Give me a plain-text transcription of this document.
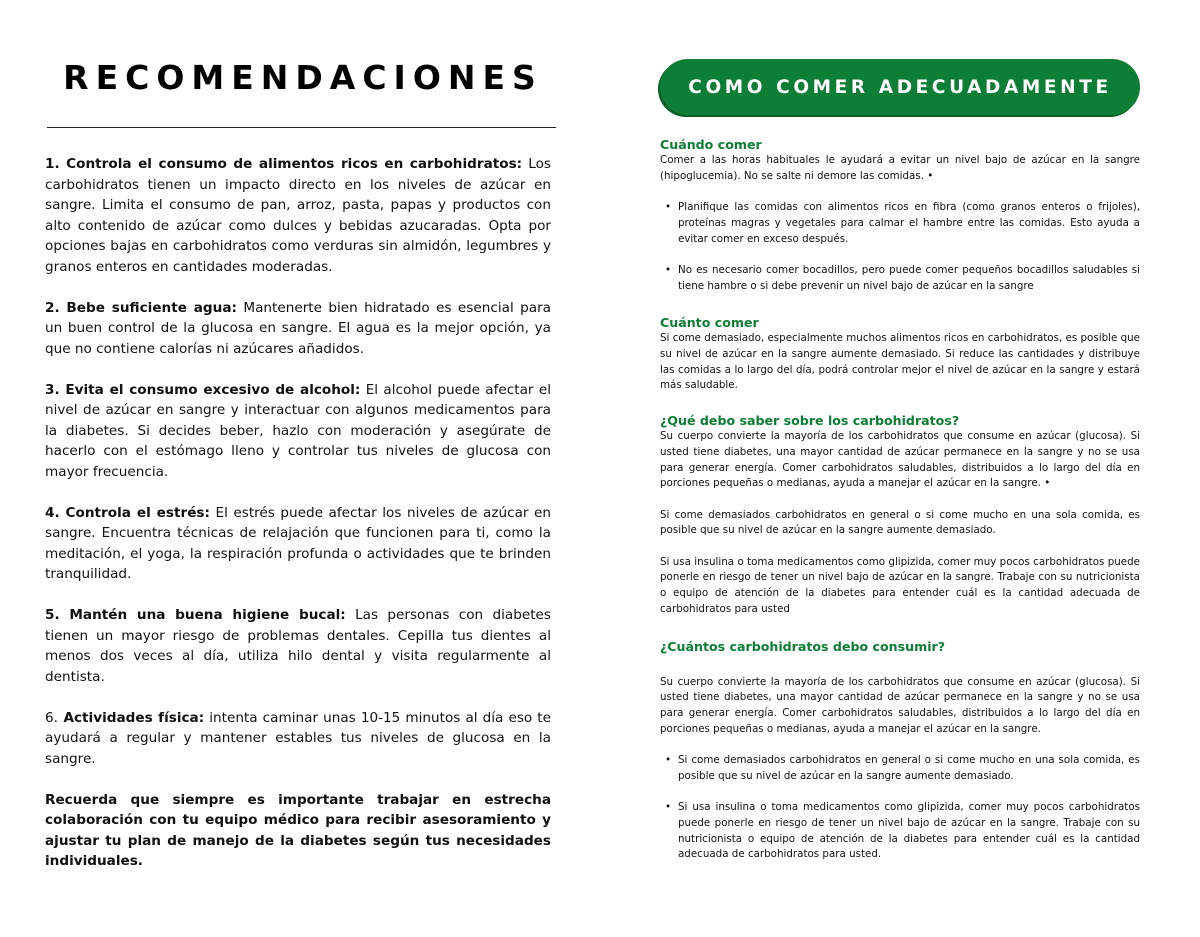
RECOMENDACIONES

1. Controla el consumo de alimentos ricos en carbohidratos: Los carbohidratos tienen un impacto directo en los niveles de azúcar en sangre. Limita el consumo de pan, arroz, pasta, papas y productos con alto contenido de azúcar como dulces y bebidas azucaradas. Opta por opciones bajas en carbohidratos como verduras sin almidón, legumbres y granos enteros en cantidades moderadas.

2. Bebe suficiente agua: Mantenerte bien hidratado es esencial para un buen control de la glucosa en sangre. El agua es la mejor opción, ya que no contiene calorías ni azúcares añadidos.

3. Evita el consumo excesivo de alcohol: El alcohol puede afectar el nivel de azúcar en sangre y interactuar con algunos medicamentos para la diabetes. Si decides beber, hazlo con moderación y asegúrate de hacerlo con el estómago lleno y controlar tus niveles de glucosa con mayor frecuencia.

4. Controla el estrés: El estrés puede afectar los niveles de azúcar en sangre. Encuentra técnicas de relajación que funcionen para ti, como la meditación, el yoga, la respiración profunda o actividades que te brinden tranquilidad.

5. Mantén una buena higiene bucal: Las personas con diabetes tienen un mayor riesgo de problemas dentales. Cepilla tus dientes al menos dos veces al día, utiliza hilo dental y visita regularmente al dentista.

6. Actividades física: intenta caminar unas 10-15 minutos al día eso te ayudará a regular y mantener estables tus niveles de glucosa en la sangre.

Recuerda que siempre es importante trabajar en estrecha colaboración con tu equipo médico para recibir asesoramiento y ajustar tu plan de manejo de la diabetes según tus necesidades individuales.

COMO COMER ADECUADAMENTE
Cuándo comer

Comer a las horas habituales le ayudará a evitar un nivel bajo de azúcar en la sangre (hipoglucemia). No se salte ni demore las comidas. •

• Planifique las comidas con alimentos ricos en fibra (como granos enteros o frijoles), proteínas magras y vegetales para calmar el hambre entre las comidas. Esto ayuda a evitar comer en exceso después.
• No es necesario comer bocadillos, pero puede comer pequeños bocadillos saludables si tiene hambre o si debe prevenir un nivel bajo de azúcar en la sangre
Cuánto comer

Si come demasiado, especialmente muchos alimentos ricos en carbohidratos, es posible que su nivel de azúcar en la sangre aumente demasiado. Si reduce las cantidades y distribuye las comidas a lo largo del día, podrá controlar mejor el nivel de azúcar en la sangre y estará más saludable.

¿Qué debo saber sobre los carbohidratos?

Su cuerpo convierte la mayoría de los carbohidratos que consume en azúcar (glucosa). Si usted tiene diabetes, una mayor cantidad de azúcar permanece en la sangre y no se usa para generar energía. Comer carbohidratos saludables, distribuidos a lo largo del día en porciones pequeñas o medianas, ayuda a manejar el azúcar en la sangre. •

Si come demasiados carbohidratos en general o si come mucho en una sola comida, es posible que su nivel de azúcar en la sangre aumente demasiado.

Si usa insulina o toma medicamentos como glipizida, comer muy pocos carbohidratos puede ponerle en riesgo de tener un nivel bajo de azúcar en la sangre. Trabaje con su nutricionista o equipo de atención de la diabetes para entender cuál es la cantidad adecuada de carbohidratos para usted

¿Cuántos carbohidratos debo consumir?

Su cuerpo convierte la mayoría de los carbohidratos que consume en azúcar (glucosa). Si usted tiene diabetes, una mayor cantidad de azúcar permanece en la sangre y no se usa para generar energía. Comer carbohidratos saludables, distribuidos a lo largo del día en porciones pequeñas o medianas, ayuda a manejar el azúcar en la sangre.

• Si come demasiados carbohidratos en general o si come mucho en una sola comida, es posible que su nivel de azúcar en la sangre aumente demasiado.
• Si usa insulina o toma medicamentos como glipizida, comer muy pocos carbohidratos puede ponerle en riesgo de tener un nivel bajo de azúcar en la sangre. Trabaje con su nutricionista o equipo de atención de la diabetes para entender cuál es la cantidad adecuada de carbohidratos para usted.
